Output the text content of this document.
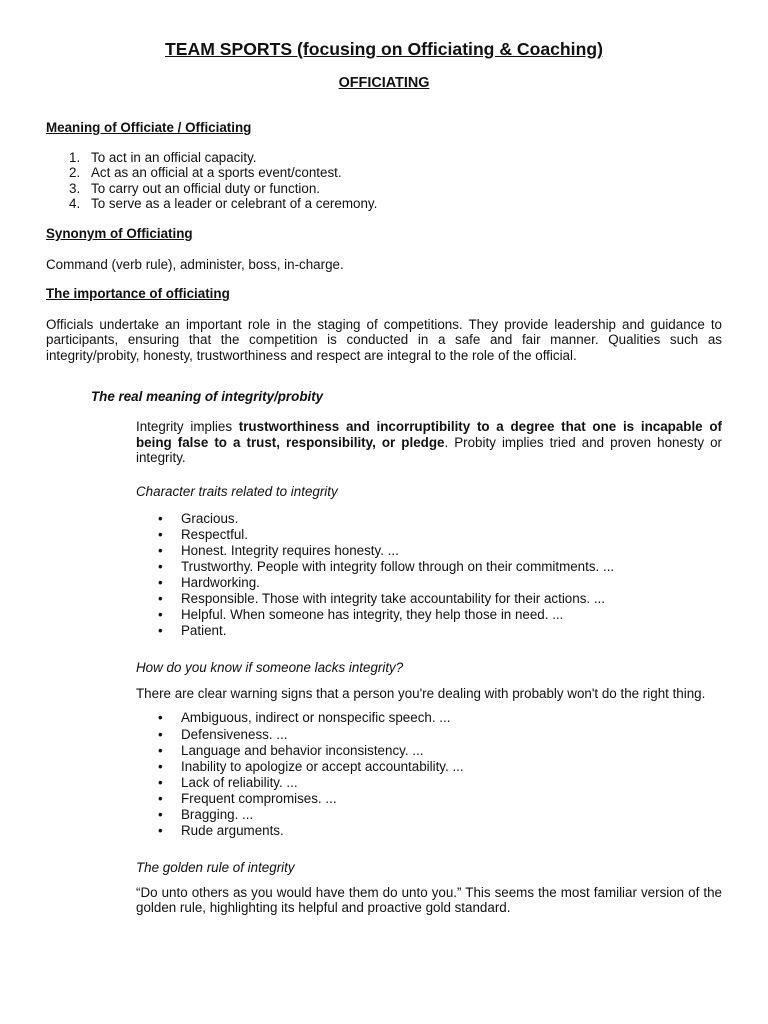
TEAM SPORTS (focusing on Officiating & Coaching)
OFFICIATING

Meaning of Officiate / Officiating

1. To act in an official capacity.
2. Act as an official at a sports event/contest.
3. To carry out an official duty or function.
4. To serve as a leader or celebrant of a ceremony.

Synonym of Officiating

Command (verb rule), administer, boss, in-charge.

The importance of officiating

Officials undertake an important role in the staging of competitions. They provide leadership and guidance to participants, ensuring that the competition is conducted in a safe and fair manner. Qualities such as integrity/probity, honesty, trustworthiness and respect are integral to the role of the official.

The real meaning of integrity/probity

Integrity implies trustworthiness and incorruptibility to a degree that one is incapable of being false to a trust, responsibility, or pledge. Probity implies tried and proven honesty or integrity.

Character traits related to integrity

• Gracious.
• Respectful.
• Honest. Integrity requires honesty. ...
• Trustworthy. People with integrity follow through on their commitments. ...
• Hardworking.
• Responsible. Those with integrity take accountability for their actions. ...
• Helpful. When someone has integrity, they help those in need. ...
• Patient.

How do you know if someone lacks integrity?

There are clear warning signs that a person you're dealing with probably won't do the right thing.

• Ambiguous, indirect or nonspecific speech. ...
• Defensiveness. ...
• Language and behavior inconsistency. ...
• Inability to apologize or accept accountability. ...
• Lack of reliability. ...
• Frequent compromises. ...
• Bragging. ...
• Rude arguments.

The golden rule of integrity

“Do unto others as you would have them do unto you.” This seems the most familiar version of the golden rule, highlighting its helpful and proactive gold standard.
